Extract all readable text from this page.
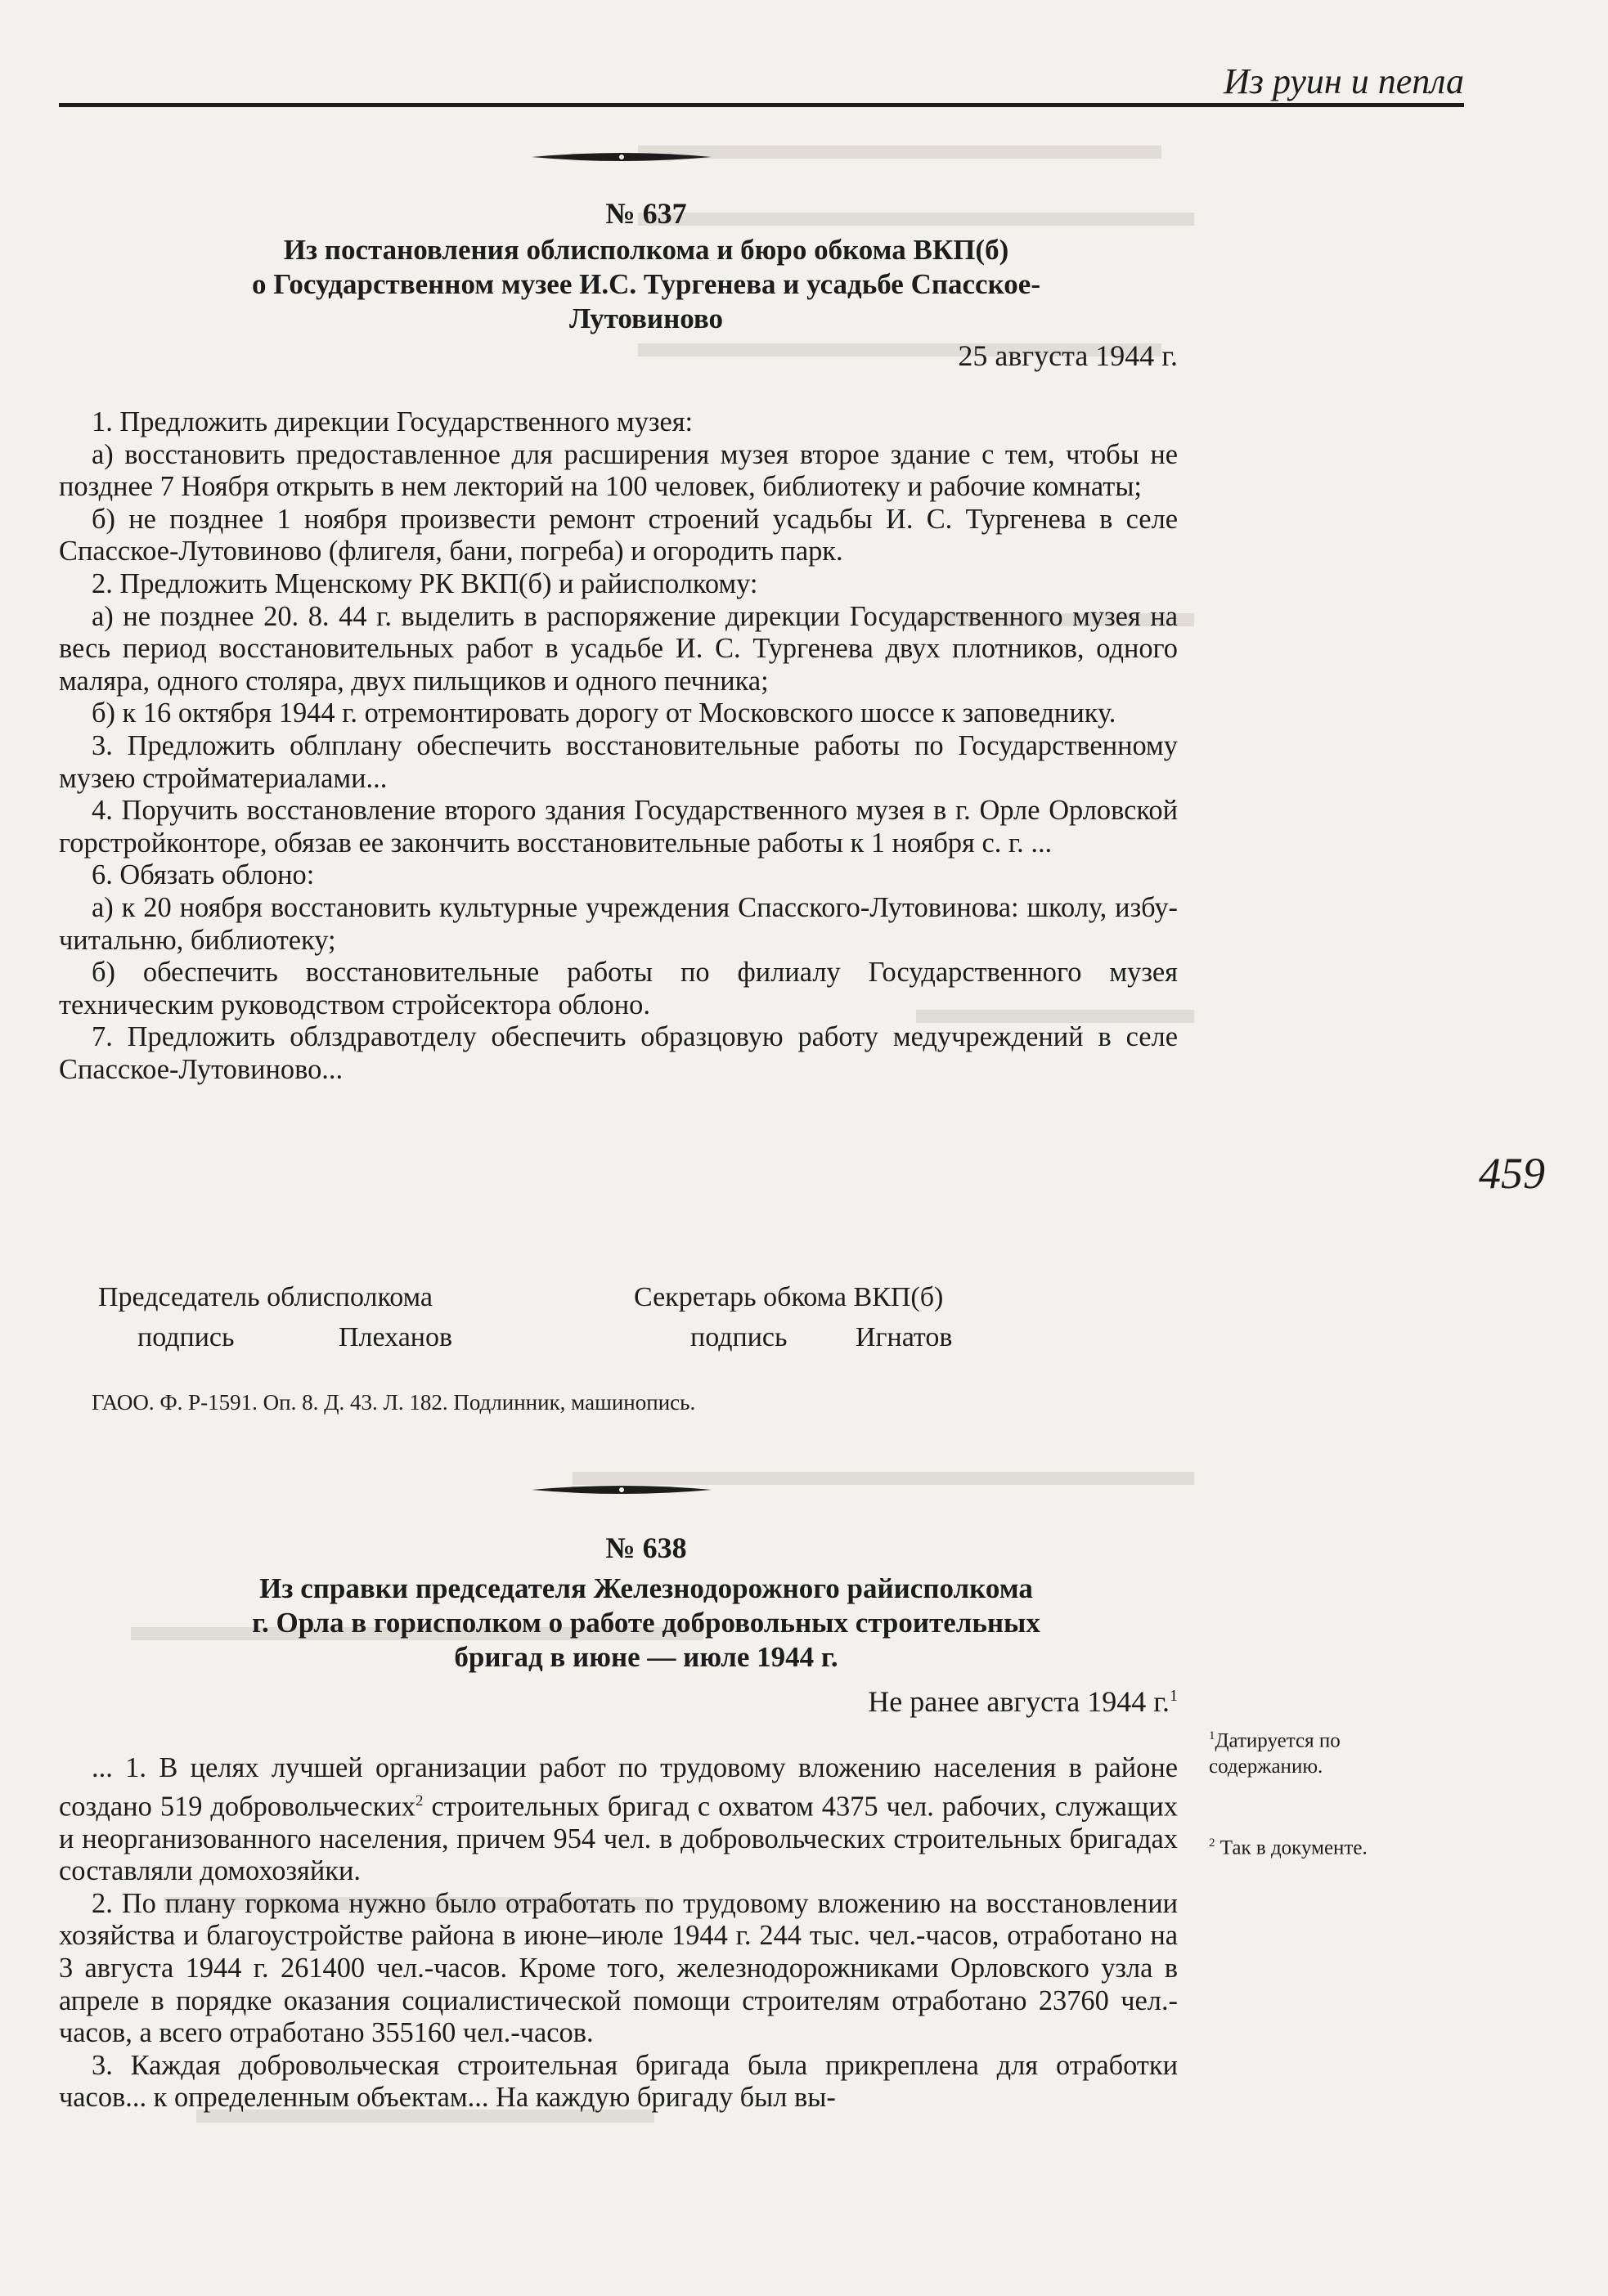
Из руин и пепла
№ 637
Из постановления облисполкома и бюро обкома ВКП(б)
о Государственном музее И.С. Тургенева и усадьбе Спасское-
Лутовиново
25 августа 1944 г.

1. Предложить дирекции Государственного музея:

а) восстановить предоставленное для расширения музея второе здание с тем, чтобы не позднее 7 Ноября открыть в нем лекторий на 100 человек, библиотеку и рабочие комнаты;

б) не позднее 1 ноября произвести ремонт строений усадьбы И. С. Тургенева в селе Спасское-Лутовиново (флигеля, бани, погреба) и огородить парк.

2. Предложить Мценскому РК ВКП(б) и райисполкому:

а) не позднее 20. 8. 44 г. выделить в распоряжение дирекции Государственного музея на весь период восстановительных работ в усадьбе И. С. Тургенева двух плотников, одного маляра, одного столяра, двух пильщиков и одного печника;

б) к 16 октября 1944 г. отремонтировать дорогу от Московского шоссе к заповеднику.

3. Предложить облплану обеспечить восстановительные работы по Государственному музею стройматериалами...

4. Поручить восстановление второго здания Государственного музея в г. Орле Орловской горстройконторе, обязав ее закончить восстановительные работы к 1 ноября с. г. ...

6. Обязать облоно:

а) к 20 ноября восстановить культурные учреждения Спасского-Лутовинова: школу, избу-читальню, библиотеку;

б) обеспечить восстановительные работы по филиалу Государственного музея техническим руководством стройсектора облоно.

7. Предложить облздравотделу обеспечить образцовую работу медучреждений в селе Спасское-Лутовиново...

Председатель облисполкома
подпись	Плеханов
Секретарь обкома ВКП(б)
подпись Игнатов
ГАОО. Ф. Р-1591. Оп. 8. Д. 43. Л. 182. Подлинник, машинопись.
№ 638
Из справки председателя Железнодорожного райисполкома
г. Орла в горисполком о работе добровольных строительных
бригад в июне — июле 1944 г.
Не ранее августа 1944 г.$^1$

... 1. В целях лучшей организации работ по трудовому вложению населения в районе создано 519 добровольческих$^2$ строительных бригад с охватом 4375 чел. рабочих, служащих и неорганизованного населения, причем 954 чел. в добровольческих строительных бригадах составляли домохозяйки.

2. По плану горкома нужно было отработать по трудовому вложению на восстановлении хозяйства и благоустройстве района в июне–июле 1944 г. 244 тыс. чел.-часов, отработано на 3 августа 1944 г. 261400 чел.-часов. Кроме того, железнодорожниками Орловского узла в апреле в порядке оказания социалистической помощи строителям отработано 23760 чел.-часов, а всего отработано 355160 чел.-часов.

3. Каждая добровольческая строительная бригада была прикреплена для отработки часов... к определенным объектам... На каждую бригаду был вы-

459
$^1$Датируется по содержанию.
$^2$ Так в документе.
